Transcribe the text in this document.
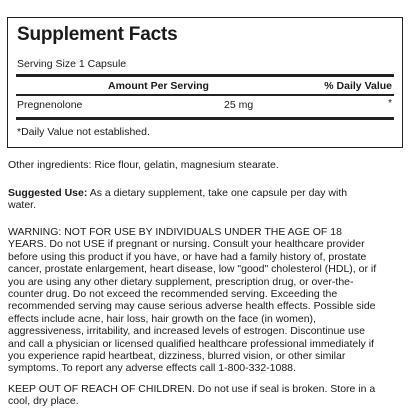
Supplement Facts
Serving Size 1 Capsule
Amount Per Serving	% Daily Value
Pregnenolone	25 mg	*
*Daily Value not established.
Other ingredients: Rice flour, gelatin, magnesium stearate.
Suggested Use: As a dietary supplement, take one capsule per day with
water.
WARNING: NOT FOR USE BY INDIVIDUALS UNDER THE AGE OF 18
YEARS. Do not USE if pregnant or nursing. Consult your healthcare provider
before using this product if you have, or have had a family history of, prostate
cancer, prostate enlargement, heart disease, low "good" cholesterol (HDL), or if
you are using any other dietary supplement, prescription drug, or over-the-
counter drug. Do not exceed the recommended serving. Exceeding the
recommended serving may cause serious adverse health effects. Possible side
effects include acne, hair loss, hair growth on the face (in women),
aggressiveness, irritability, and increased levels of estrogen. Discontinue use
and call a physician or licensed qualified healthcare professional immediately if
you experience rapid heartbeat, dizziness, blurred vision, or other similar
symptoms. To report any adverse effects call 1-800-332-1088.
KEEP OUT OF REACH OF CHILDREN. Do not use if seal is broken. Store in a
cool, dry place.
